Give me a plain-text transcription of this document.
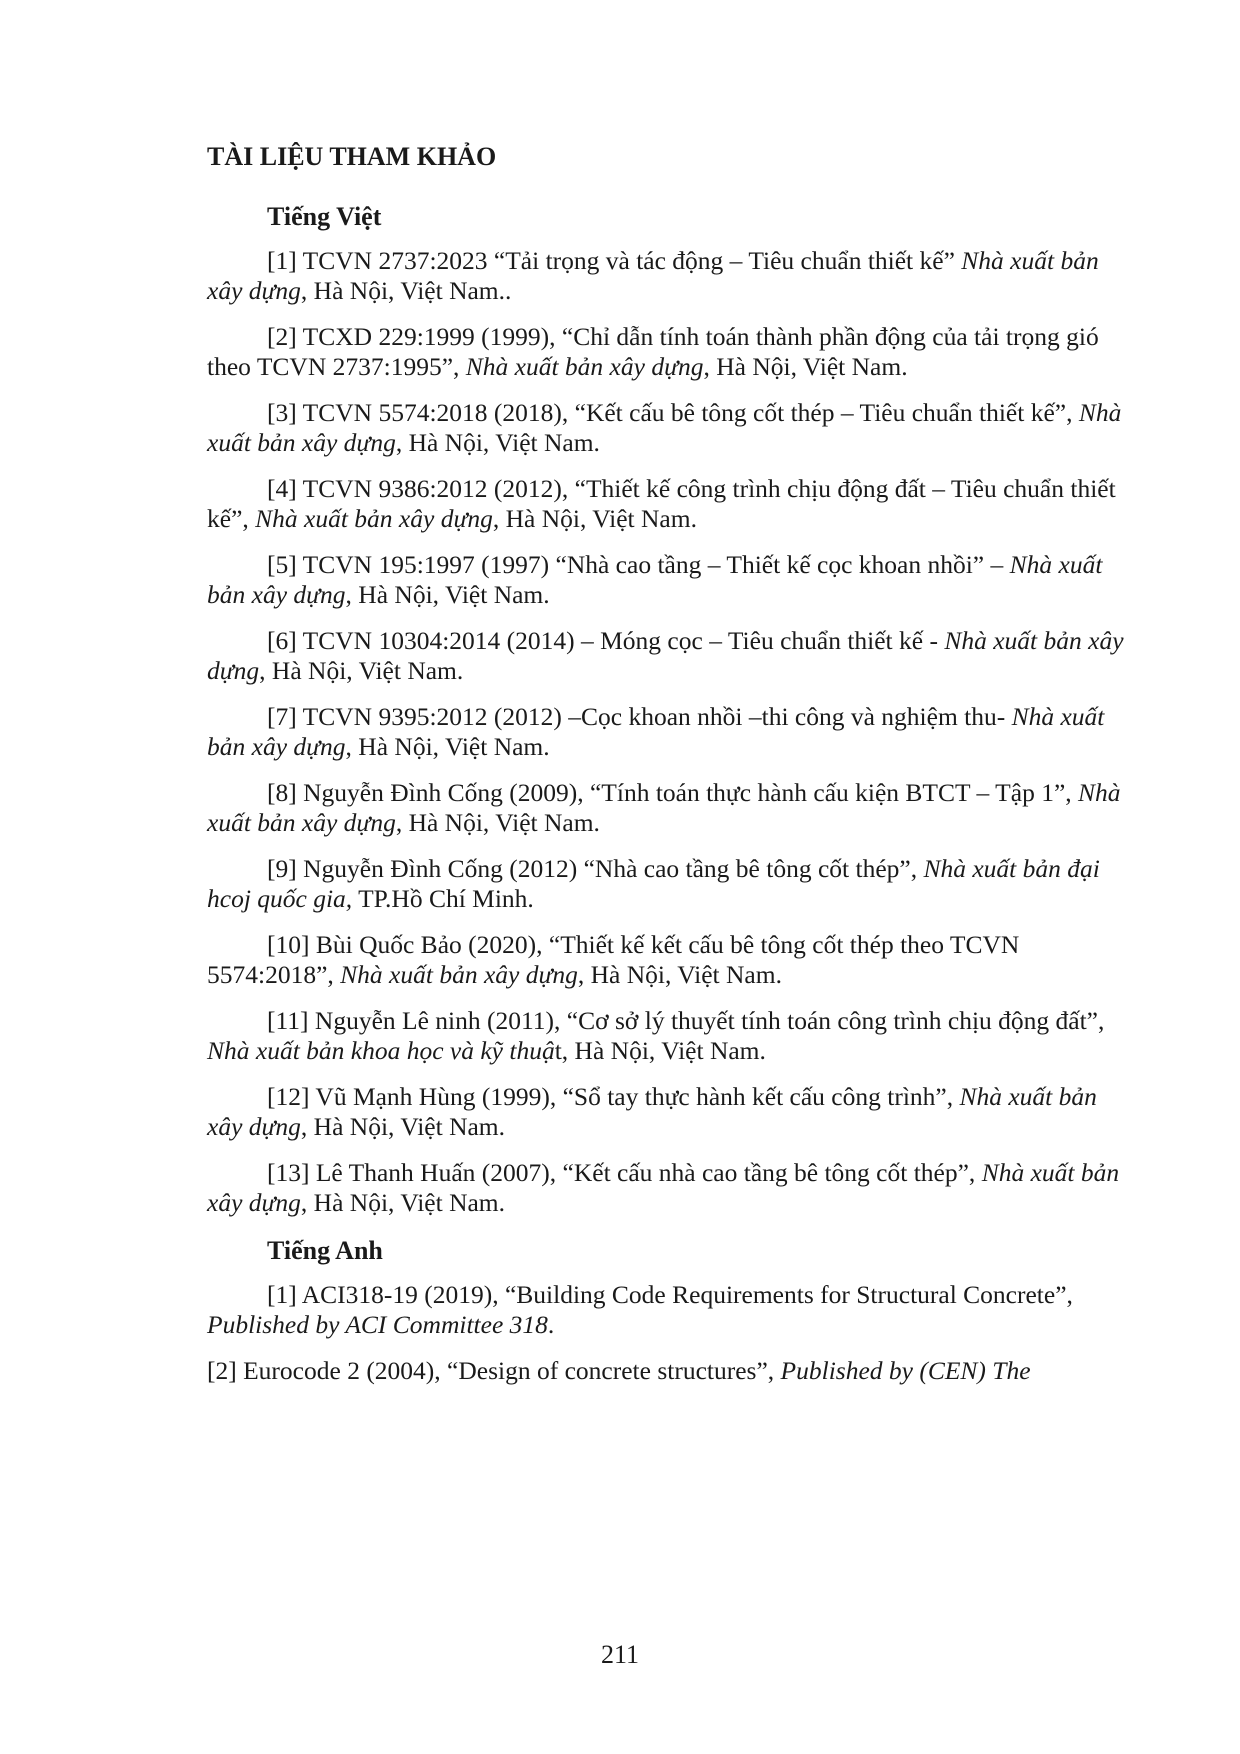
TÀI LIỆU THAM KHẢO
Tiếng Việt

[1] TCVN 2737:2023 “Tải trọng và tác động – Tiêu chuẩn thiết kế” Nhà xuất bản xây dựng, Hà Nội, Việt Nam..

[2] TCXD 229:1999 (1999), “Chỉ dẫn tính toán thành phần động của tải trọng gió theo TCVN 2737:1995”, Nhà xuất bản xây dựng, Hà Nội, Việt Nam.

[3] TCVN 5574:2018 (2018), “Kết cấu bê tông cốt thép – Tiêu chuẩn thiết kế”, Nhà xuất bản xây dựng, Hà Nội, Việt Nam.

[4] TCVN 9386:2012 (2012), “Thiết kế công trình chịu động đất – Tiêu chuẩn thiết kế”, Nhà xuất bản xây dựng, Hà Nội, Việt Nam.

[5] TCVN 195:1997 (1997) “Nhà cao tầng – Thiết kế cọc khoan nhồi” – Nhà xuất bản xây dựng, Hà Nội, Việt Nam.

[6] TCVN 10304:2014 (2014) – Móng cọc – Tiêu chuẩn thiết kế - Nhà xuất bản xây dựng, Hà Nội, Việt Nam.

[7] TCVN 9395:2012 (2012) –Cọc khoan nhồi –thi công và nghiệm thu- Nhà xuất bản xây dựng, Hà Nội, Việt Nam.

[8] Nguyễn Đình Cống (2009), “Tính toán thực hành cấu kiện BTCT – Tập 1”, Nhà xuất bản xây dựng, Hà Nội, Việt Nam.

[9] Nguyễn Đình Cống (2012) “Nhà cao tầng bê tông cốt thép”, Nhà xuất bản đại hcoj quốc gia, TP.Hồ Chí Minh.

[10] Bùi Quốc Bảo (2020), “Thiết kế kết cấu bê tông cốt thép theo TCVN 5574:2018”, Nhà xuất bản xây dựng, Hà Nội, Việt Nam.

[11] Nguyễn Lê ninh (2011), “Cơ sở lý thuyết tính toán công trình chịu động đất”, Nhà xuất bản khoa học và kỹ thuật, Hà Nội, Việt Nam.

[12] Vũ Mạnh Hùng (1999), “Sổ tay thực hành kết cấu công trình”, Nhà xuất bản xây dựng, Hà Nội, Việt Nam.

[13] Lê Thanh Huấn (2007), “Kết cấu nhà cao tầng bê tông cốt thép”, Nhà xuất bản xây dựng, Hà Nội, Việt Nam.

Tiếng Anh

[1] ACI318-19 (2019), “Building Code Requirements for Structural Concrete”, Published by ACI Committee 318.

[2] Eurocode 2 (2004), “Design of concrete structures”, Published by (CEN) The

211
